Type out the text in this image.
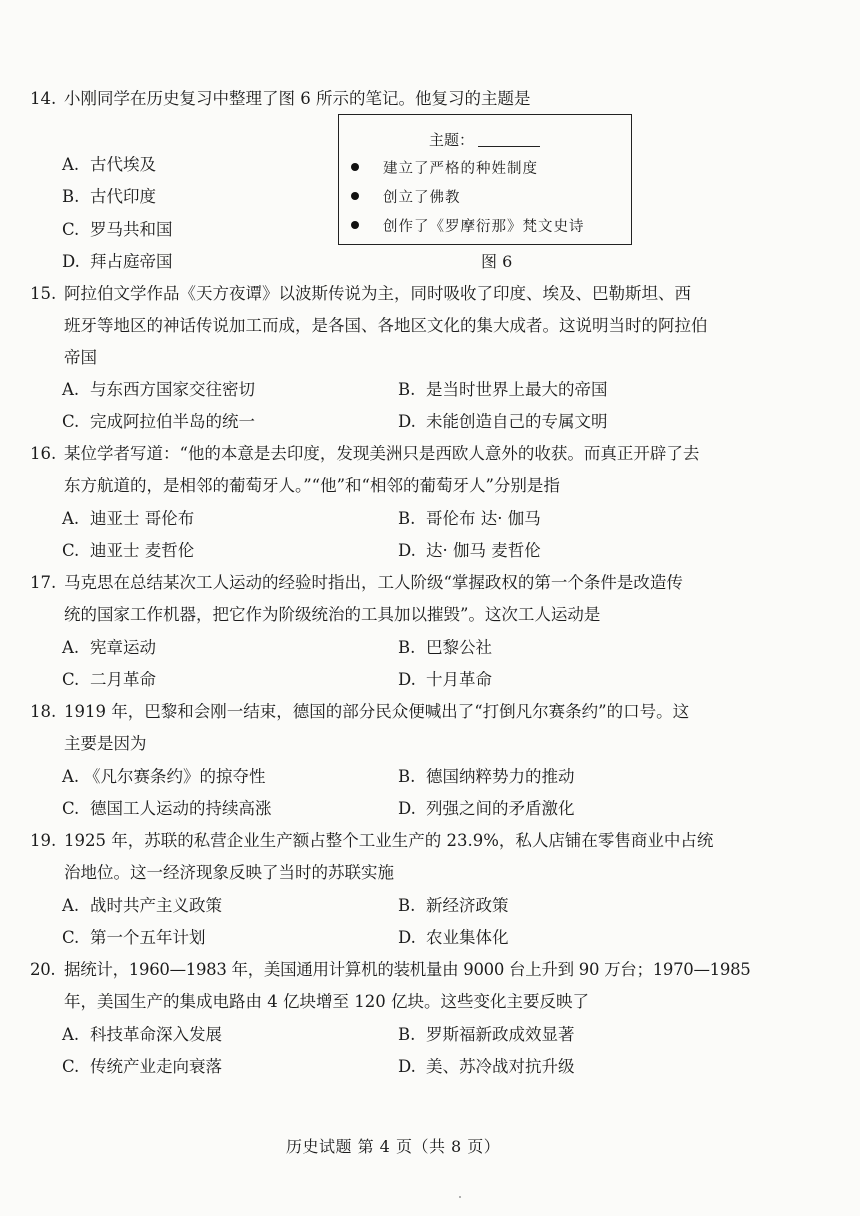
14. 小刚同学在历史复习中整理了图 6 所示的笔记。他复习的主题是
A. 古代埃及
B. 古代印度
C. 罗马共和国
D. 拜占庭帝国
主题：
建立了严格的种姓制度
创立了佛教
创作了《罗摩衍那》梵文史诗
图 6
15. 阿拉伯文学作品《天方夜谭》以波斯传说为主，同时吸收了印度、埃及、巴勒斯坦、西
班牙等地区的神话传说加工而成，是各国、各地区文化的集大成者。这说明当时的阿拉伯
帝国
A. 与东西方国家交往密切	B. 是当时世界上最大的帝国
C. 完成阿拉伯半岛的统一	D. 未能创造自己的专属文明
16. 某位学者写道：“他的本意是去印度，发现美洲只是西欧人意外的收获。而真正开辟了去
东方航道的，是相邻的葡萄牙人。”“他”和“相邻的葡萄牙人”分别是指
A. 迪亚士 哥伦布	B. 哥伦布 达· 伽马
C. 迪亚士 麦哲伦	D. 达· 伽马 麦哲伦
17. 马克思在总结某次工人运动的经验时指出，工人阶级“掌握政权的第一个条件是改造传
统的国家工作机器，把它作为阶级统治的工具加以摧毁”。这次工人运动是
A. 宪章运动	B. 巴黎公社
C. 二月革命	D. 十月革命
18. 1919 年，巴黎和会刚一结束，德国的部分民众便喊出了“打倒凡尔赛条约”的口号。这
主要是因为
A. 《凡尔赛条约》的掠夺性	B. 德国纳粹势力的推动
C. 德国工人运动的持续高涨	D. 列强之间的矛盾激化
19. 1925 年，苏联的私营企业生产额占整个工业生产的 23.9%，私人店铺在零售商业中占统
治地位。这一经济现象反映了当时的苏联实施
A. 战时共产主义政策	B. 新经济政策
C. 第一个五年计划	D. 农业集体化
20. 据统计，1960—1983 年，美国通用计算机的装机量由 9000 台上升到 90 万台；1970—1985
年，美国生产的集成电路由 4 亿块增至 120 亿块。这些变化主要反映了
A. 科技革命深入发展	B. 罗斯福新政成效显著
C. 传统产业走向衰落	D. 美、苏冷战对抗升级
历史试题 第 4 页（共 8 页）
